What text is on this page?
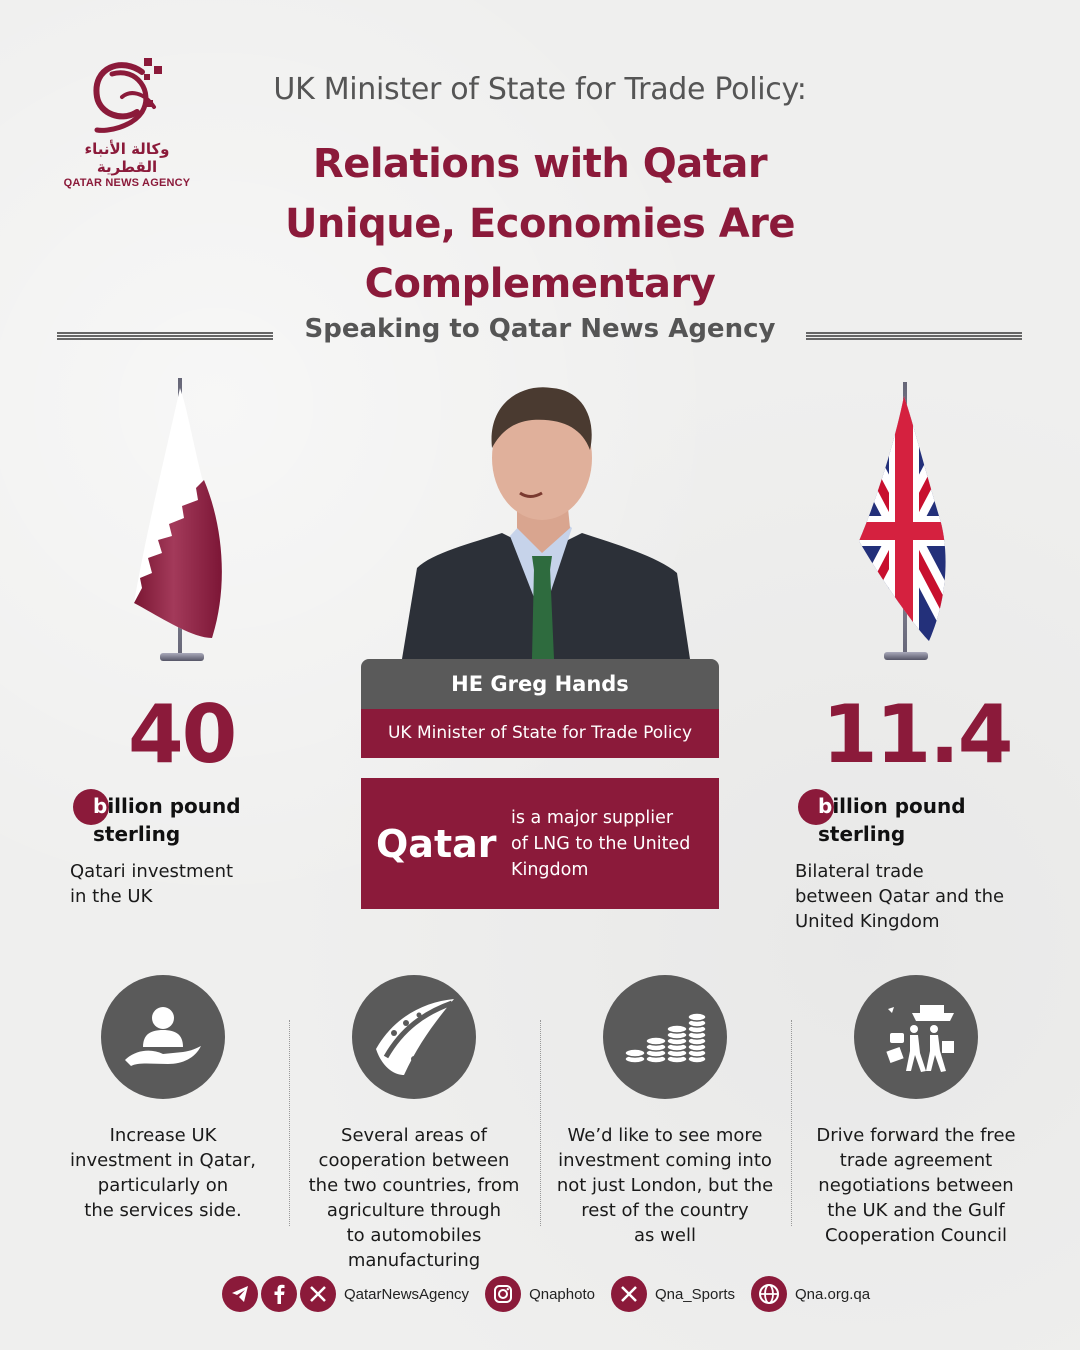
وكالة الأنباء القطرية
QATAR NEWS AGENCY
UK Minister of State for Trade Policy:
Relations with Qatar
Unique, Economies Are
Complementary
Speaking to Qatar News Agency
40
billion pound
sterling
Qatari investment
in the UK
11.4
billion pound
sterling
Bilateral trade
between Qatar and the
United Kingdom
HE Greg Hands
UK Minister of State for Trade Policy
Qatar
is a major supplier
of LNG to the United
Kingdom
Increase UK
investment in Qatar,
particularly on
the services side.
Several areas of
cooperation between
the two countries, from
agriculture through
to automobiles
manufacturing
We’d like to see more
investment coming into
not just London, but the
rest of the country
as well
Drive forward the free
trade agreement
negotiations between
the UK and the Gulf
Cooperation Council
QatarNewsAgency	Qnaphoto	Qna_Sports	Qna.org.qa
